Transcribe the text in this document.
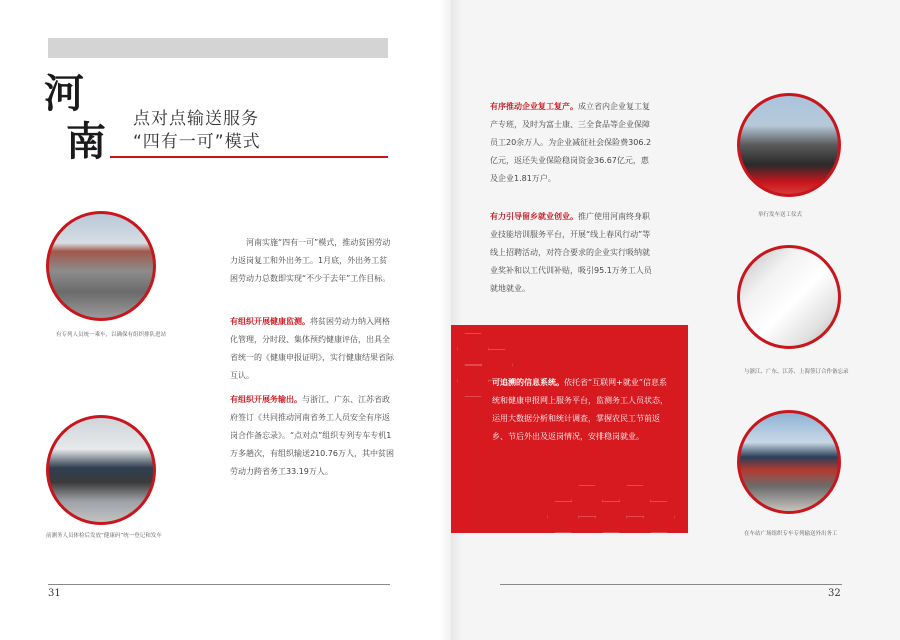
河
南 点对点输送服务
“四有一可”模式
有专列人员统一乘车，以确保有组织排队进站
前测务人员体检后发放“健康码”统一登记和发车
河南实施“四有一可”模式，推动贫困劳动力返岗复工和外出务工。1月底，外出务工贫困劳动力总数即实现“不少于去年”工作目标。
有组织开展健康监测。将贫困劳动力纳入网格化管理，分时段、集体预约健康评估，出具全省统一的《健康申报证明》，实行健康结果省际互认。
有组织开展务输出。与浙江、广东、江苏省政府签订《共同推动河南省务工人员安全有序返岗合作备忘录》。“点对点”组织专列专车专机1万多趟次，有组织输送210.76万人，其中贫困劳动力跨省务工33.19万人。
有序推动企业复工复产。成立省内企业复工复产专班，及时为富士康、三全食品等企业保障员工20余万人。为企业减征社会保险费306.2亿元，返还失业保险稳岗资金36.67亿元，惠及企业1.81万户。
有力引导留乡就业创业。推广使用河南终身职业技能培训服务平台，开展“线上春风行动”等线上招聘活动，对符合要求的企业实行吸纳就业奖补和以工代训补贴，吸引95.1万务工人员就地就业。
可追溯的信息系统。依托省“互联网+就业”信息系统和健康申报网上服务平台，监测务工人员状态，运用大数据分析和统计调查，掌握农民工节前返乡、节后外出及返岗情况，安排稳岗就业。
举行发车送工仪式
与浙江、广东、江苏、上海签订合作备忘录
在车站广场组织专车专列输送外出务工
31	32
